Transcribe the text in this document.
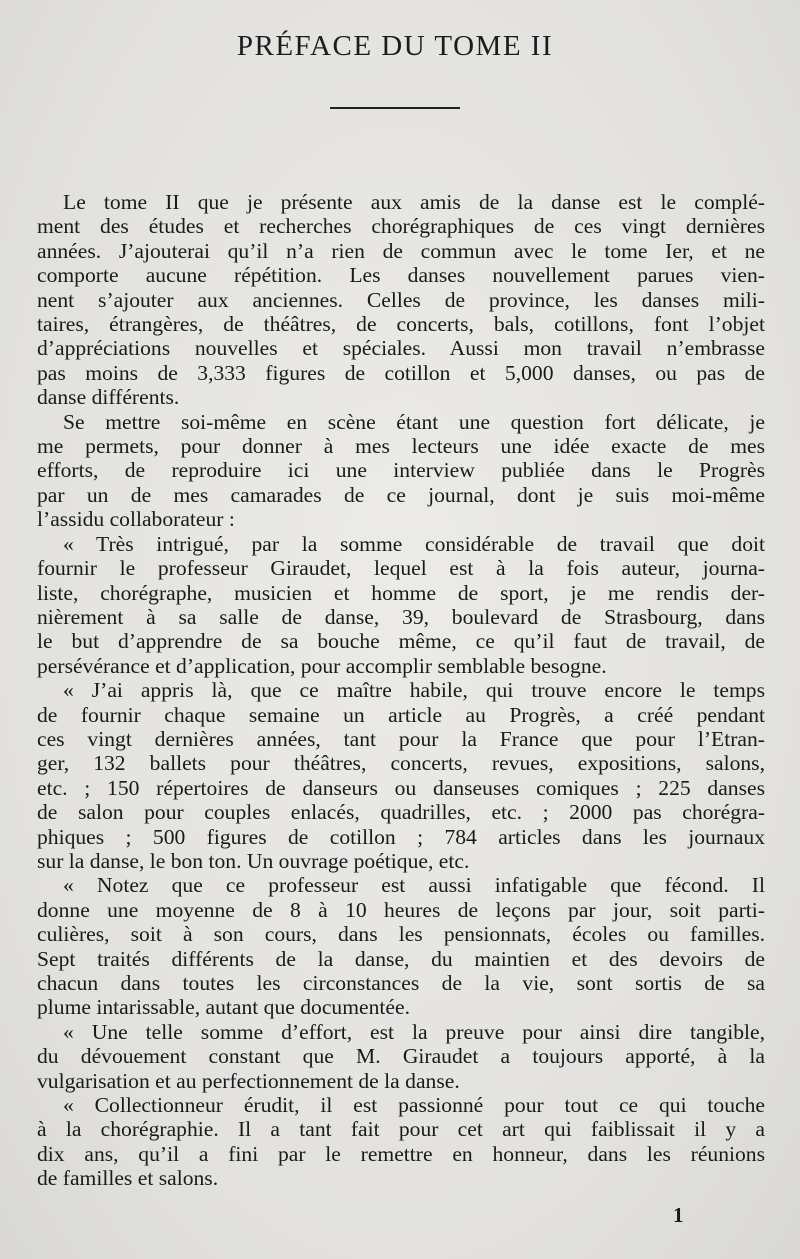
PRÉFACE DU TOME II
Le tome II que je présente aux amis de la danse est le complé-
ment des études et recherches chorégraphiques de ces vingt dernières
années. J’ajouterai qu’il n’a rien de commun avec le tome Ier, et ne
comporte aucune répétition. Les danses nouvellement parues vien-
nent s’ajouter aux anciennes. Celles de province, les danses mili-
taires, étrangères, de théâtres, de concerts, bals, cotillons, font l’objet
d’appréciations nouvelles et spéciales. Aussi mon travail n’embrasse
pas moins de 3,333 figures de cotillon et 5,000 danses, ou pas de
danse différents.
Se mettre soi-même en scène étant une question fort délicate, je
me permets, pour donner à mes lecteurs une idée exacte de mes
efforts, de reproduire ici une interview publiée dans le Progrès
par un de mes camarades de ce journal, dont je suis moi-même
l’assidu collaborateur :
« Très intrigué, par la somme considérable de travail que doit
fournir le professeur Giraudet, lequel est à la fois auteur, journa-
liste, chorégraphe, musicien et homme de sport, je me rendis der-
nièrement à sa salle de danse, 39, boulevard de Strasbourg, dans
le but d’apprendre de sa bouche même, ce qu’il faut de travail, de
persévérance et d’application, pour accomplir semblable besogne.
« J’ai appris là, que ce maître habile, qui trouve encore le temps
de fournir chaque semaine un article au Progrès, a créé pendant
ces vingt dernières années, tant pour la France que pour l’Etran-
ger, 132 ballets pour théâtres, concerts, revues, expositions, salons,
etc. ; 150 répertoires de danseurs ou danseuses comiques ; 225 danses
de salon pour couples enlacés, quadrilles, etc. ; 2000 pas chorégra-
phiques ; 500 figures de cotillon ; 784 articles dans les journaux
sur la danse, le bon ton. Un ouvrage poétique, etc.
« Notez que ce professeur est aussi infatigable que fécond. Il
donne une moyenne de 8 à 10 heures de leçons par jour, soit parti-
culières, soit à son cours, dans les pensionnats, écoles ou familles.
Sept traités différents de la danse, du maintien et des devoirs de
chacun dans toutes les circonstances de la vie, sont sortis de sa
plume intarissable, autant que documentée.
« Une telle somme d’effort, est la preuve pour ainsi dire tangible,
du dévouement constant que M. Giraudet a toujours apporté, à la
vulgarisation et au perfectionnement de la danse.
« Collectionneur érudit, il est passionné pour tout ce qui touche
à la chorégraphie. Il a tant fait pour cet art qui faiblissait il y a
dix ans, qu’il a fini par le remettre en honneur, dans les réunions
de familles et salons.
1
